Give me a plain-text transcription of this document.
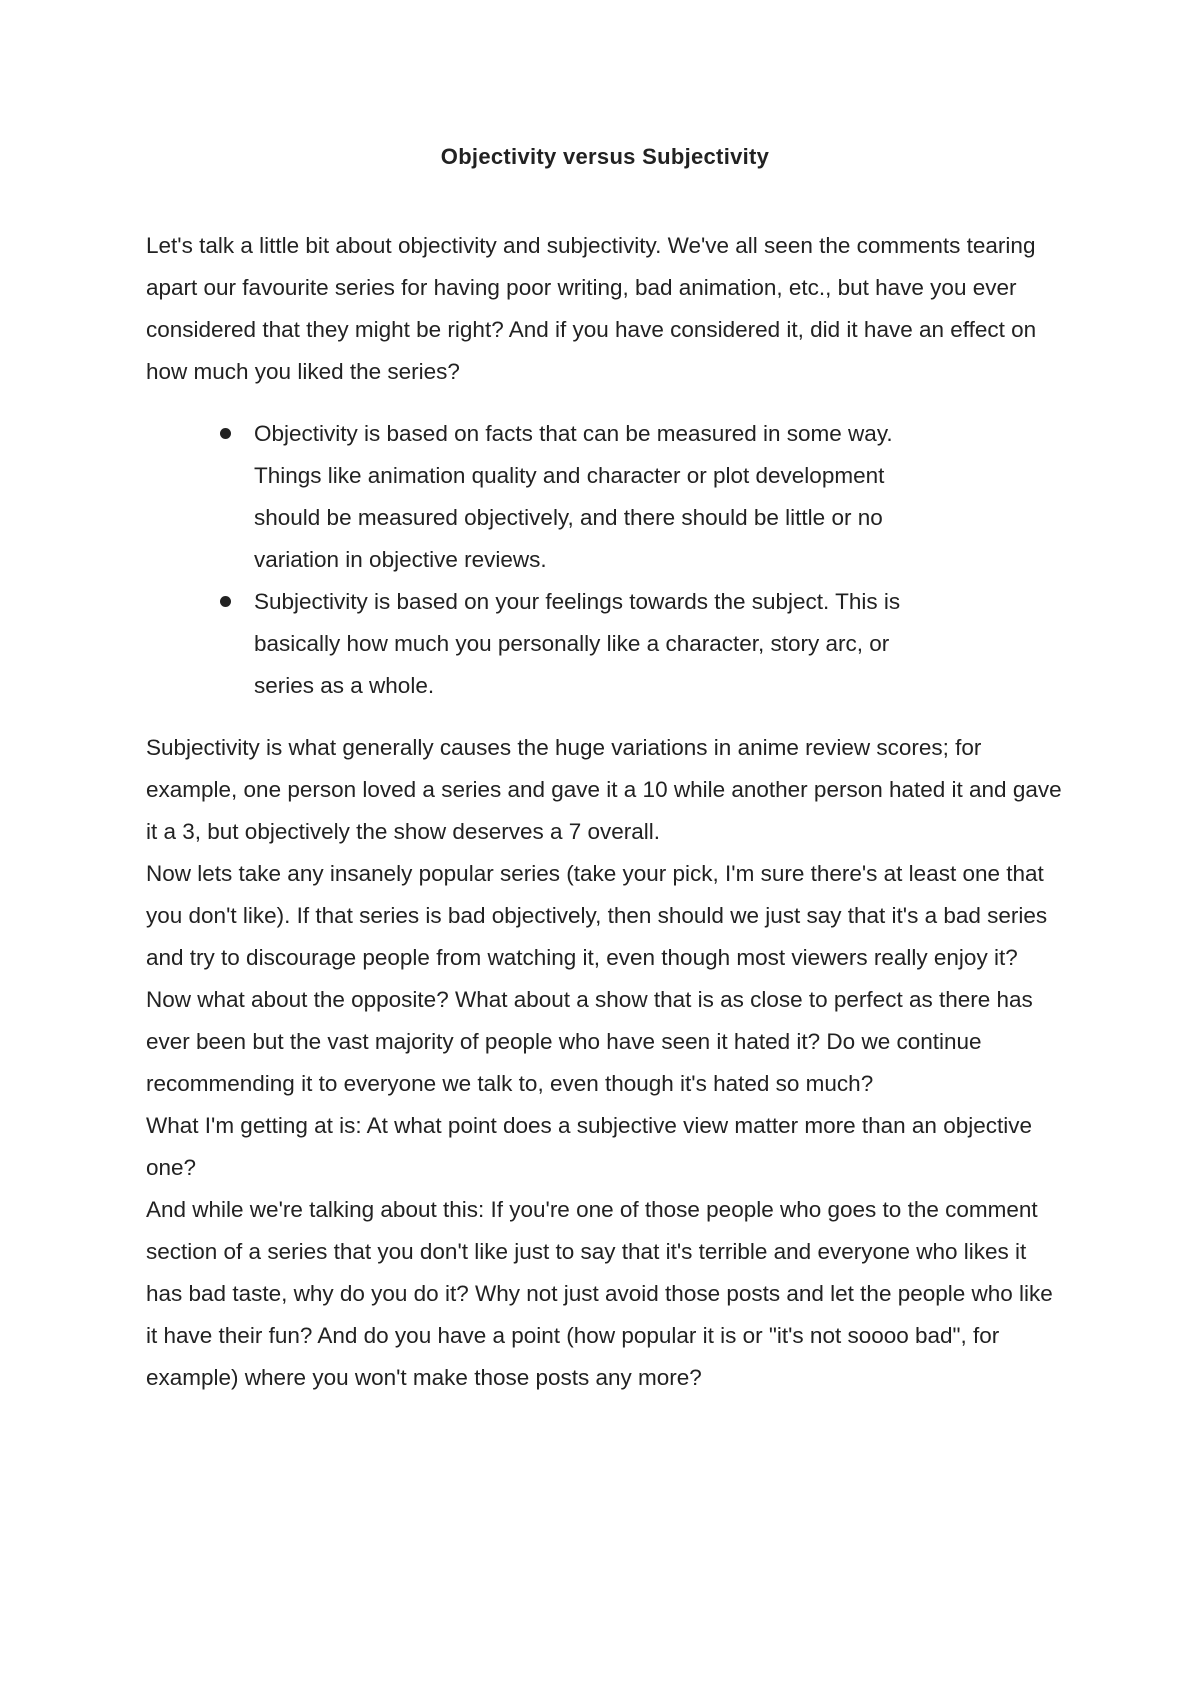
Objectivity versus Subjectivity

Let's talk a little bit about objectivity and subjectivity. We've all seen the comments tearing apart our favourite series for having poor writing, bad animation, etc., but have you ever considered that they might be right? And if you have considered it, did it have an effect on how much you liked the series?

Objectivity is based on facts that can be measured in some way. Things like animation quality and character or plot development should be measured objectively, and there should be little or no variation in objective reviews.
Subjectivity is based on your feelings towards the subject. This is basically how much you personally like a character, story arc, or series as a whole.

Subjectivity is what generally causes the huge variations in anime review scores; for example, one person loved a series and gave it a 10 while another person hated it and gave it a 3, but objectively the show deserves a 7 overall.

Now lets take any insanely popular series (take your pick, I'm sure there's at least one that you don't like). If that series is bad objectively, then should we just say that it's a bad series and try to discourage people from watching it, even though most viewers really enjoy it?

Now what about the opposite? What about a show that is as close to perfect as there has ever been but the vast majority of people who have seen it hated it? Do we continue recommending it to everyone we talk to, even though it's hated so much?

What I'm getting at is: At what point does a subjective view matter more than an objective one?

And while we're talking about this: If you're one of those people who goes to the comment section of a series that you don't like just to say that it's terrible and everyone who likes it has bad taste, why do you do it? Why not just avoid those posts and let the people who like it have their fun? And do you have a point (how popular it is or "it's not soooo bad", for example) where you won't make those posts any more?
